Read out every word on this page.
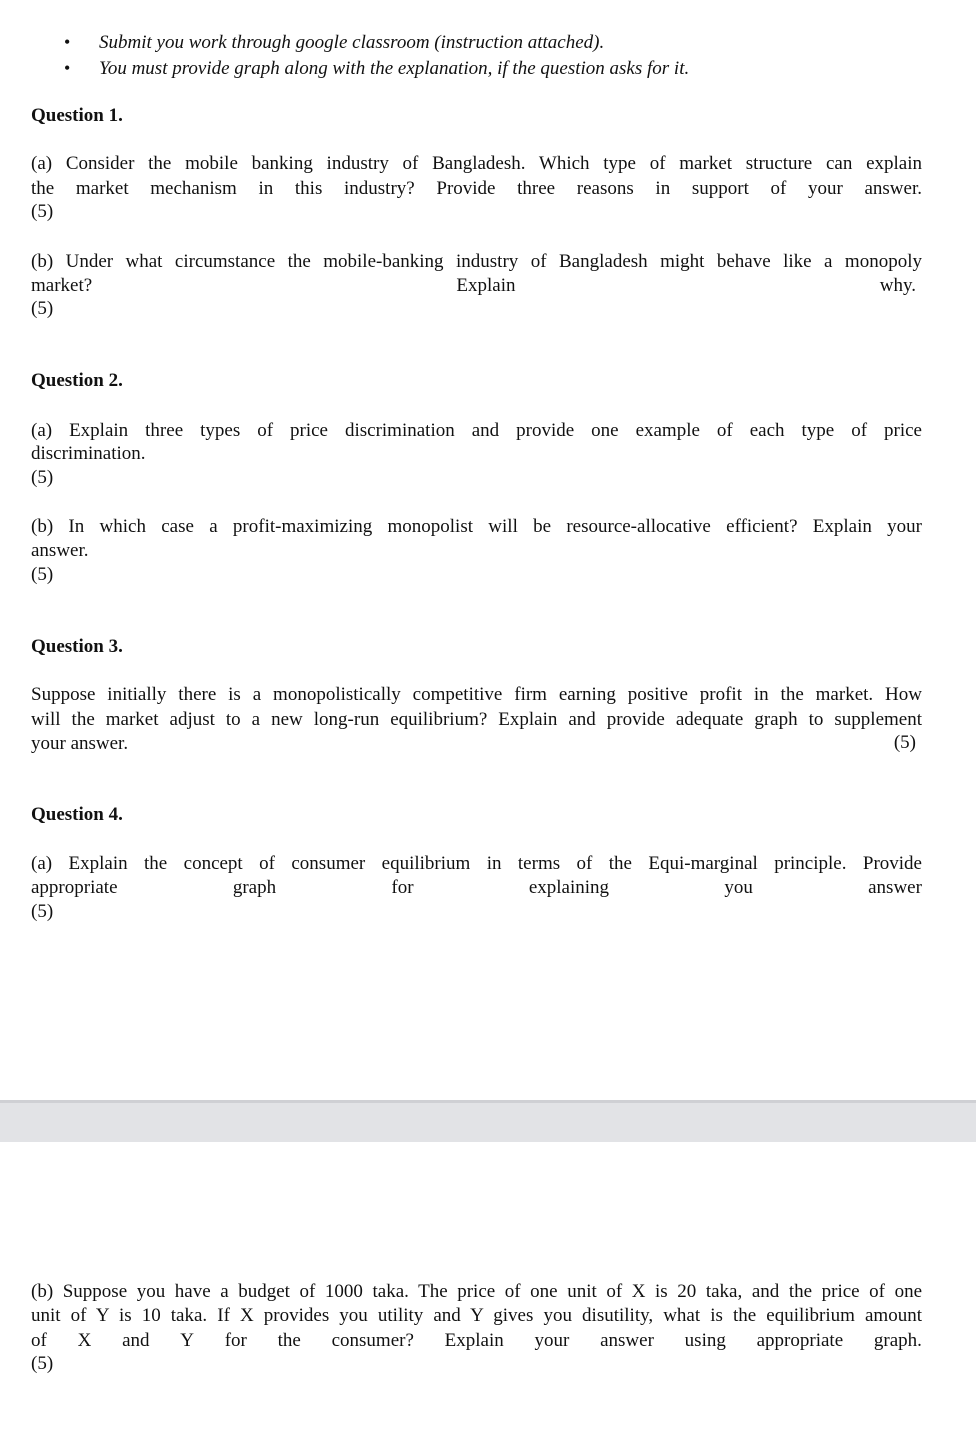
• Submit you work through google classroom (instruction attached).
• You must provide graph along with the explanation, if the question asks for it.
Question 1.
(a) Consider the mobile banking industry of Bangladesh. Which type of market structure can explain
the market mechanism in this industry? Provide three reasons in support of your answer.
(5)
(b) Under what circumstance the mobile-banking industry of Bangladesh might behave like a monopoly
market?	Explain	why.
(5)
Question 2.
(a) Explain three types of price discrimination and provide one example of each type of price
discrimination.
(5)
(b) In which case a profit-maximizing monopolist will be resource-allocative efficient? Explain your
answer.
(5)
Question 3.
Suppose initially there is a monopolistically competitive firm earning positive profit in the market. How
will the market adjust to a new long-run equilibrium? Explain and provide adequate graph to supplement
your answer.	(5)
Question 4.
(a) Explain the concept of consumer equilibrium in terms of the Equi-marginal principle. Provide
appropriate	graph	for	explaining	you	answer
(5)
(b) Suppose you have a budget of 1000 taka. The price of one unit of X is 20 taka, and the price of one
unit of Y is 10 taka. If X provides you utility and Y gives you disutility, what is the equilibrium amount
of X and Y for the consumer? Explain your answer using appropriate graph.
(5)
